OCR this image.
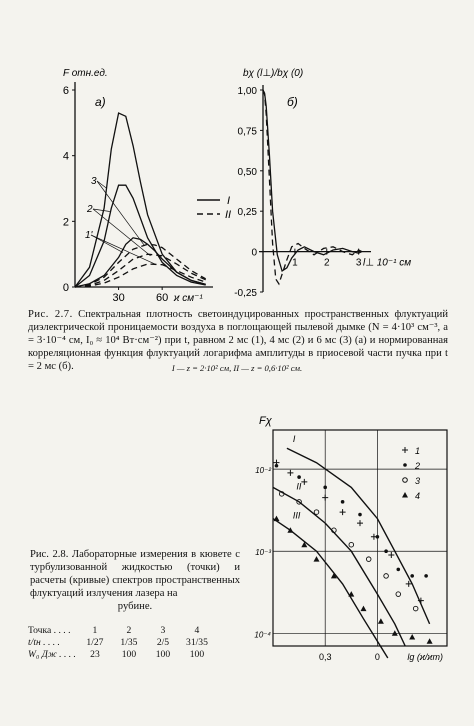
F отн.ед.
6
4
2
0
30	60 ϰ см⁻¹
а)
3
2
1'
I
II
bχ (l⊥)/bχ (0)
1,00
0,75
0,50
0,25
0
-0,25
1	2	3 l⊥ 10⁻¹ см
б)
Рис. 2.7. Спектральная плотность светоиндуцированных пространственных флуктуаций диэлектрической проницаемости воздуха в поглощающей пылевой дымке (N = 4·10³ см⁻³, a = 3·10⁻⁴ см, I₀ ≈ 10⁴ Вт·см⁻²) при t, равном 2 мс (1), 4 мс (2) и 6 мс (3) (a) и нормированная корреляционная функция флуктуаций логарифма амплитуды в приосевой части пучка при t = 2 мс (б).	I — z = 2·10² см, II — z = 0,6·10² см.
10⁻²
10⁻³
10⁻⁴
0,3	0	lg (ϰ/ϰm)
Fχ
I
II
III
1
2
3
4
Рис. 2.8. Лабораторные измерения в кювете с турбулизованной жидкостью (точки) и расчеты (кривые) спектров пространственных флуктуаций излучения лазера на
рубине.
Точка . . . .	1	2	3	4
t/tн . . . .	1/27	1/35	2/5	31/35
W₀ Дж . . . .	23	100	100	100
